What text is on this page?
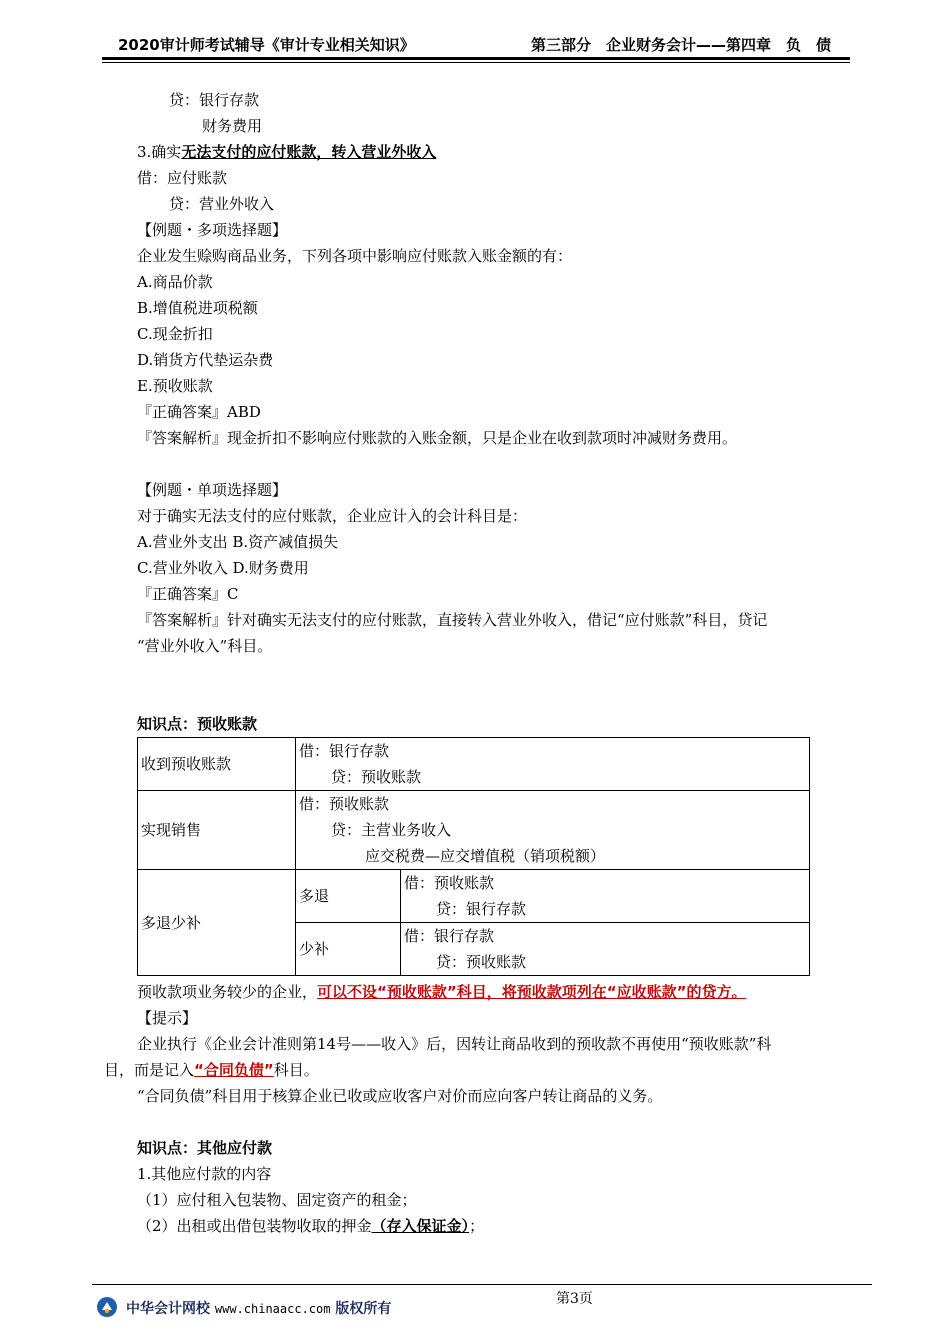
2020审计师考试辅导《审计专业相关知识》	第三部分　企业财务会计——第四章　负　债
贷：银行存款
财务费用
3.确实无法支付的应付账款，转入营业外收入
借：应付账款
贷：营业外收入
【例题・多项选择题】
企业发生赊购商品业务，下列各项中影响应付账款入账金额的有：
A.商品价款
B.增值税进项税额
C.现金折扣
D.销货方代垫运杂费
E.预收账款
『正确答案』ABD
『答案解析』现金折扣不影响应付账款的入账金额，只是企业在收到款项时冲减财务费用。
【例题・单项选择题】
对于确实无法支付的应付账款，企业应计入的会计科目是：
A.营业外支出 B.资产减值损失
C.营业外收入 D.财务费用
『正确答案』C
『答案解析』针对确实无法支付的应付账款，直接转入营业外收入，借记“应付账款”科目，贷记
“营业外收入”科目。
知识点：预收账款
收到预收账款	借：银行存款
贷：预收账款	

实现销售	借：预收账款
贷：主营业务收入
应交税费—应交增值税（销项税额）	

多退少补	多退	借：预收账款
贷：银行存款

	少补	借：银行存款
贷：预收账款
预收款项业务较少的企业，可以不设“预收账款”科目，将预收款项列在“应收账款”的贷方。
【提示】
企业执行《企业会计准则第14号——收入》后，因转让商品收到的预收款不再使用“预收账款”科
目，而是记入“合同负债”科目。
“合同负债”科目用于核算企业已收或应收客户对价而应向客户转让商品的义务。
知识点：其他应付款
1.其他应付款的内容
（1）应付租入包装物、固定资产的租金；
（2）出租或出借包装物收取的押金（存入保证金）；
第3页
中华会计网校 www.chinaacc.com 版权所有
